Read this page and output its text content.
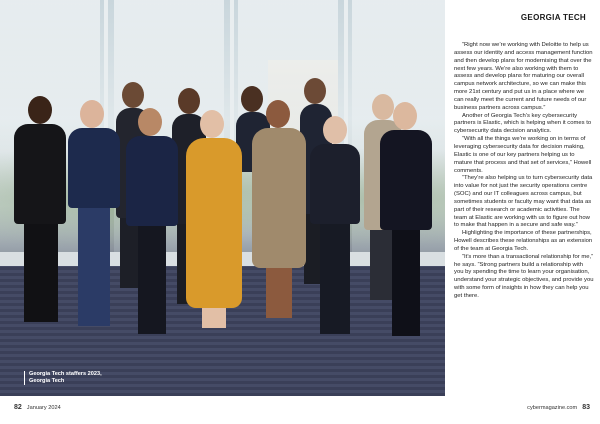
Georgia Tech staffers 2023,
Georgia Tech
GEORGIA TECH

“Right now we’re working with Deloitte to help us assess our identity and access management function and then develop plans for modernising that over the next few years. We’re also working with them to assess and develop plans for maturing our overall campus network architecture, so we can make this more 21st century and put us in a place where we can really meet the current and future needs of our business partners across campus.”

Another of Georgia Tech’s key cybersecurity partners is Elastic, which is helping when it comes to cybersecurity data decision analytics.

“With all the things we’re working on in terms of leveraging cybersecurity data for decision making, Elastic is one of our key partners helping us to mature that process and that set of services,” Howell comments.

“They’re also helping us to turn cybersecurity data into value for not just the security operations centre (SOC) and our IT colleagues across campus, but sometimes students or faculty may want that data as part of their research or academic activities. The team at Elastic are working with us to figure out how to make that happen in a secure and safe way.”

Highlighting the importance of these partnerships, Howell describes these relationships as an extension of the team at Georgia Tech.

“It’s more than a transactional relationship for me,” he says. “Strong partners build a relationship with you by spending the time to learn your organisation, understand your strategic objectives, and provide you with some form of insights in how they can help you get there.

82 January 2024	cybermagazine.com 83
